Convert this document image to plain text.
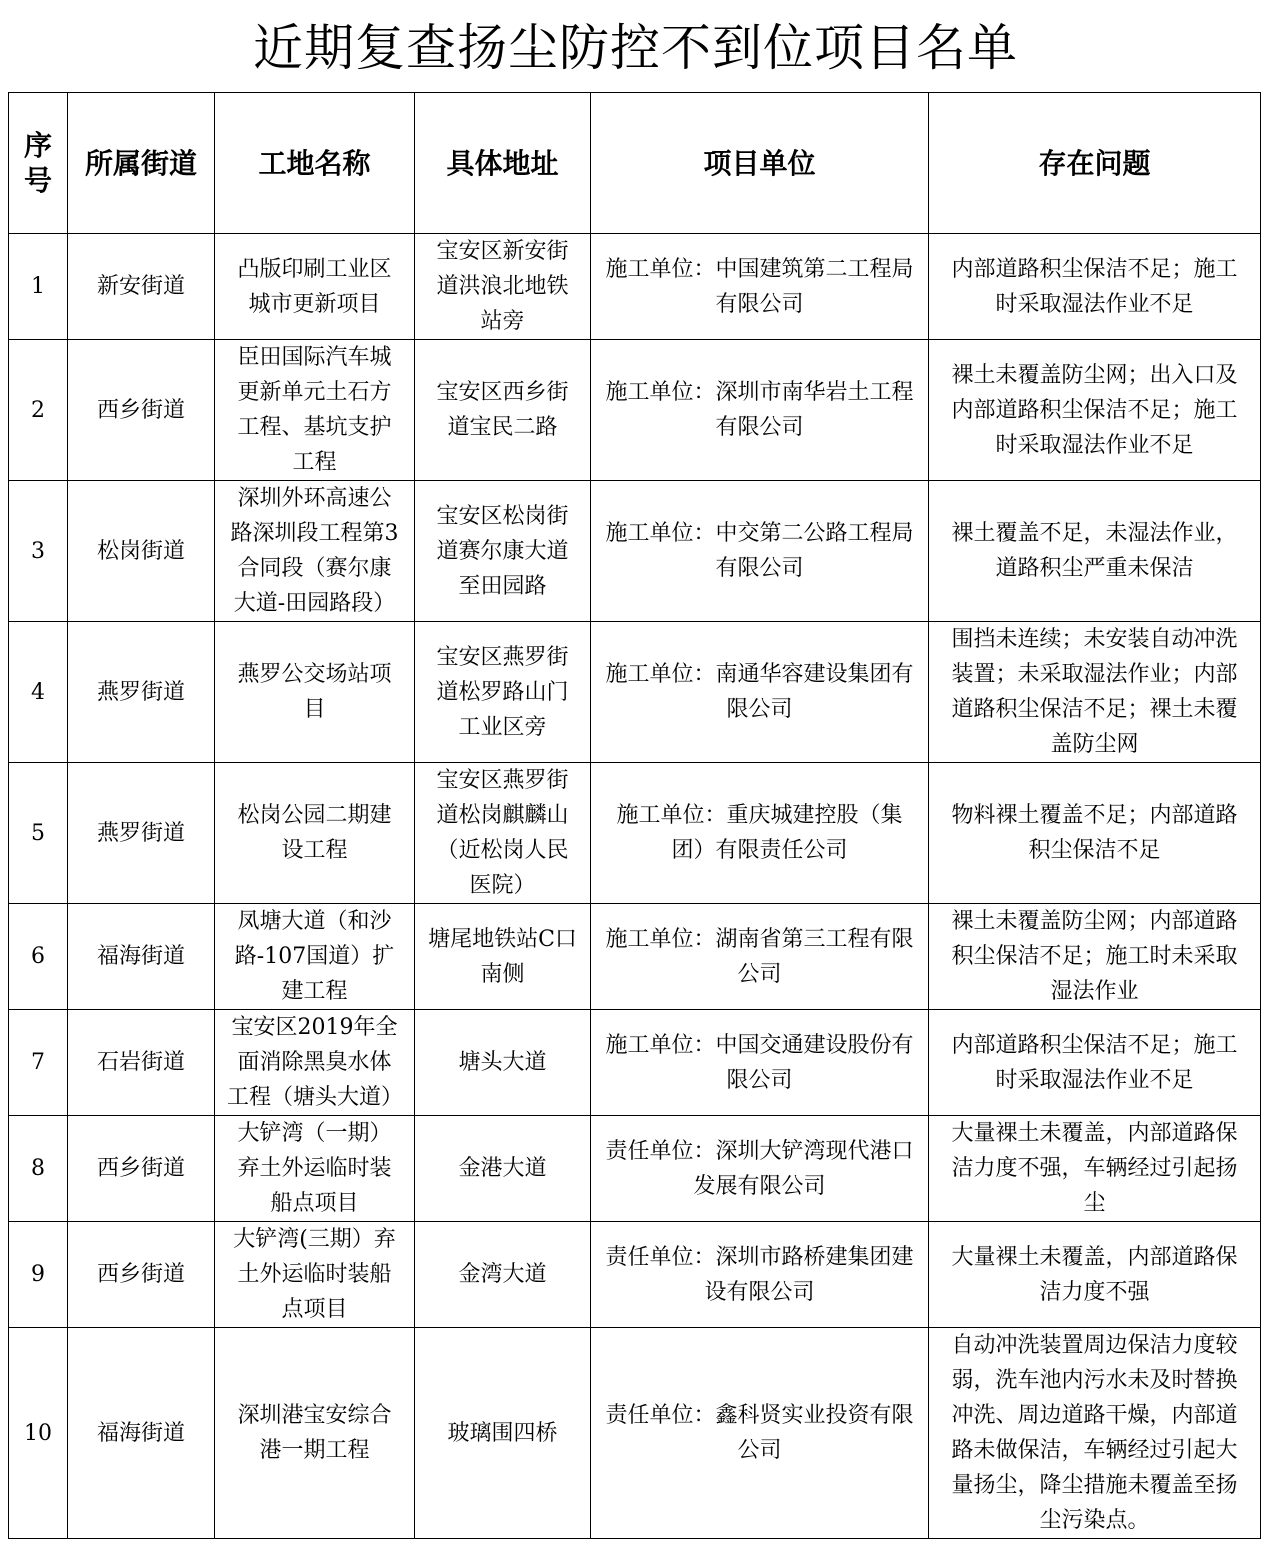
近期复查扬尘防控不到位项目名单
序号	所属街道	工地名称	具体地址	项目单位	存在问题
1	新安街道	凸版印刷工业区城市更新项目	宝安区新安街道洪浪北地铁站旁	施工单位：中国建筑第二工程局有限公司	内部道路积尘保洁不足；施工时采取湿法作业不足
2	西乡街道	臣田国际汽车城更新单元土石方工程、基坑支护工程	宝安区西乡街道宝民二路	施工单位：深圳市南华岩土工程有限公司	裸土未覆盖防尘网；出入口及内部道路积尘保洁不足；施工时采取湿法作业不足
3	松岗街道	深圳外环高速公路深圳段工程第3合同段（赛尔康大道-田园路段）	宝安区松岗街道赛尔康大道至田园路	施工单位：中交第二公路工程局有限公司	裸土覆盖不足，未湿法作业，道路积尘严重未保洁
4	燕罗街道	燕罗公交场站项目	宝安区燕罗街道松罗路山门工业区旁	施工单位：南通华容建设集团有限公司	围挡未连续；未安装自动冲洗装置；未采取湿法作业；内部道路积尘保洁不足；裸土未覆盖防尘网
5	燕罗街道	松岗公园二期建设工程	宝安区燕罗街道松岗麒麟山（近松岗人民医院）	施工单位：重庆城建控股（集团）有限责任公司	物料裸土覆盖不足；内部道路积尘保洁不足
6	福海街道	凤塘大道（和沙路-107国道）扩建工程	塘尾地铁站C口南侧	施工单位：湖南省第三工程有限公司	裸土未覆盖防尘网；内部道路积尘保洁不足；施工时未采取湿法作业
7	石岩街道	宝安区2019年全面消除黑臭水体工程（塘头大道）	塘头大道	施工单位：中国交通建设股份有限公司	内部道路积尘保洁不足；施工时采取湿法作业不足
8	西乡街道	大铲湾（一期）弃土外运临时装船点项目	金港大道	责任单位：深圳大铲湾现代港口发展有限公司	大量裸土未覆盖，内部道路保洁力度不强，车辆经过引起扬尘
9	西乡街道	大铲湾(三期）弃土外运临时装船点项目	金湾大道	责任单位：深圳市路桥建集团建设有限公司	大量裸土未覆盖，内部道路保洁力度不强
10	福海街道	深圳港宝安综合港一期工程	玻璃围四桥	责任单位：鑫科贤实业投资有限公司	自动冲洗装置周边保洁力度较弱，洗车池内污水未及时替换冲洗、周边道路干燥，内部道路未做保洁，车辆经过引起大量扬尘，降尘措施未覆盖至扬尘污染点。
